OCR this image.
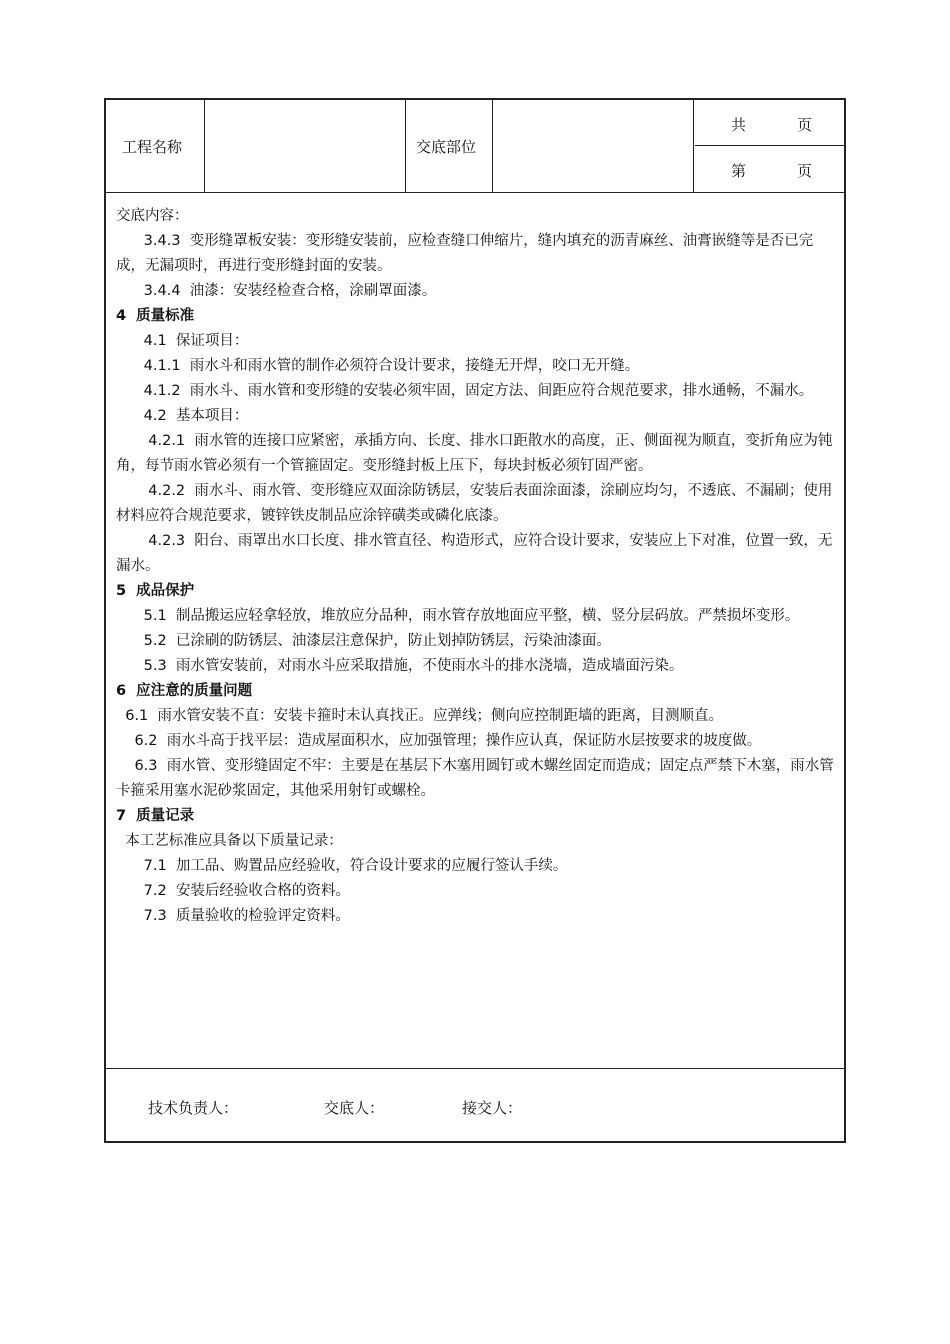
工程名称	交底部位
共	页
第	页

交底内容：

3.4.3  变形缝罩板安装：变形缝安装前，应检查缝口伸缩片，缝内填充的沥青麻丝、油膏嵌缝等是否已完成，无漏项时，再进行变形缝封面的安装。

3.4.4  油漆：安装经检查合格，涂刷罩面漆。

4  质量标准

4.1  保证项目：

4.1.1  雨水斗和雨水管的制作必须符合设计要求，接缝无开焊，咬口无开缝。

4.1.2  雨水斗、雨水管和变形缝的安装必须牢固，固定方法、间距应符合规范要求，排水通畅，不漏水。

4.2  基本项目：

4.2.1  雨水管的连接口应紧密，承插方向、长度、排水口距散水的高度，正、侧面视为顺直，变折角应为钝角，每节雨水管必须有一个管箍固定。变形缝封板上压下，每块封板必须钉固严密。

4.2.2  雨水斗、雨水管、变形缝应双面涂防锈层，安装后表面涂面漆，涂刷应均匀，不透底、不漏刷；使用材料应符合规范要求，镀锌铁皮制品应涂锌磺类或磷化底漆。

4.2.3  阳台、雨罩出水口长度、排水管直径、构造形式，应符合设计要求，安装应上下对准，位置一致，无漏水。

5  成品保护

5.1  制品搬运应轻拿轻放，堆放应分品种，雨水管存放地面应平整，横、竖分层码放。严禁损坏变形。

5.2  已涂刷的防锈层、油漆层注意保护，防止划掉防锈层，污染油漆面。

5.3  雨水管安装前，对雨水斗应采取措施，不使雨水斗的排水浇墙，造成墙面污染。

6  应注意的质量问题

6.1  雨水管安装不直：安装卡箍时未认真找正。应弹线；侧向应控制距墙的距离，目测顺直。

6.2  雨水斗高于找平层：造成屋面积水，应加强管理；操作应认真，保证防水层按要求的坡度做。

6.3  雨水管、变形缝固定不牢：主要是在基层下木塞用圆钉或木螺丝固定而造成；固定点严禁下木塞，雨水管卡箍采用塞水泥砂浆固定，其他采用射钉或螺栓。

7  质量记录

本工艺标准应具备以下质量记录：

7.1  加工品、购置品应经验收，符合设计要求的应履行签认手续。

7.2  安装后经验收合格的资料。

7.3  质量验收的检验评定资料。

技术负责人：	交底人：	接交人：
